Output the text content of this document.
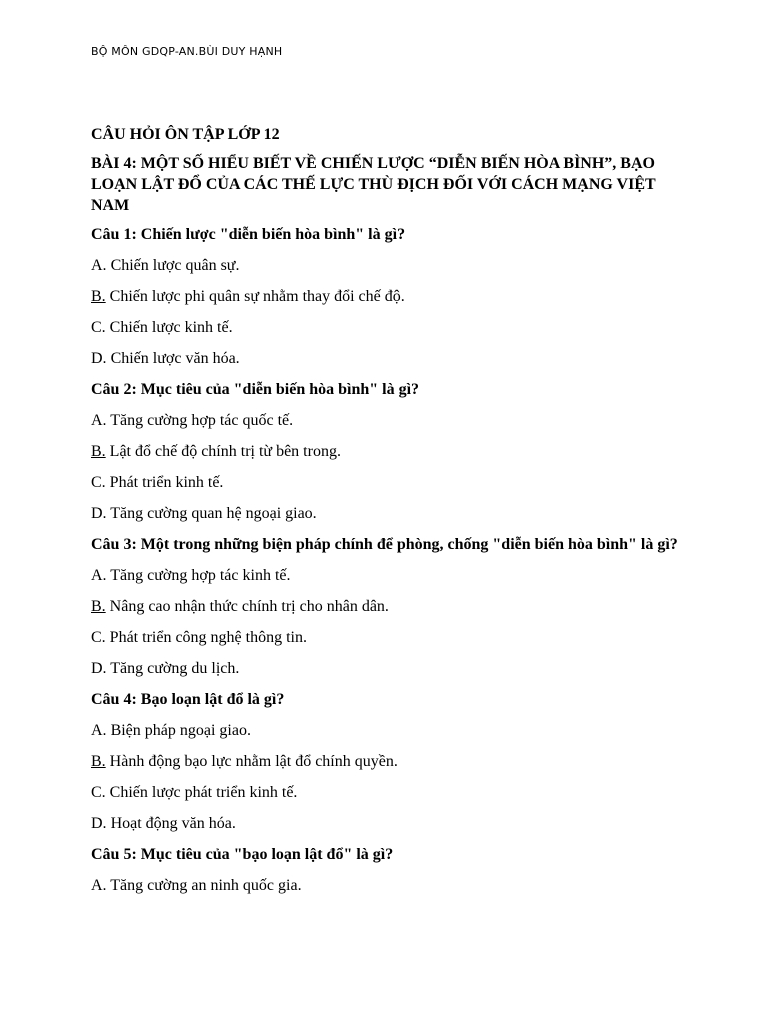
BỘ MÔN GDQP-AN.BÙI DUY HẠNH
CÂU HỎI ÔN TẬP LỚP 12
BÀI 4: MỘT SỐ HIỂU BIẾT VỀ CHIẾN LƯỢC “DIỄN BIẾN HÒA BÌNH”, BẠO LOẠN LẬT ĐỔ CỦA CÁC THẾ LỰC THÙ ĐỊCH ĐỐI VỚI CÁCH MẠNG VIỆT NAM
Câu 1: Chiến lược "diễn biến hòa bình" là gì?
A. Chiến lược quân sự.
B. Chiến lược phi quân sự nhằm thay đổi chế độ.
C. Chiến lược kinh tế.
D. Chiến lược văn hóa.
Câu 2: Mục tiêu của "diễn biến hòa bình" là gì?
A. Tăng cường hợp tác quốc tế.
B. Lật đổ chế độ chính trị từ bên trong.
C. Phát triển kinh tế.
D. Tăng cường quan hệ ngoại giao.
Câu 3: Một trong những biện pháp chính để phòng, chống "diễn biến hòa bình" là gì?
A. Tăng cường hợp tác kinh tế.
B. Nâng cao nhận thức chính trị cho nhân dân.
C. Phát triển công nghệ thông tin.
D. Tăng cường du lịch.
Câu 4: Bạo loạn lật đổ là gì?
A. Biện pháp ngoại giao.
B. Hành động bạo lực nhằm lật đổ chính quyền.
C. Chiến lược phát triển kinh tế.
D. Hoạt động văn hóa.
Câu 5: Mục tiêu của "bạo loạn lật đổ" là gì?
A. Tăng cường an ninh quốc gia.
